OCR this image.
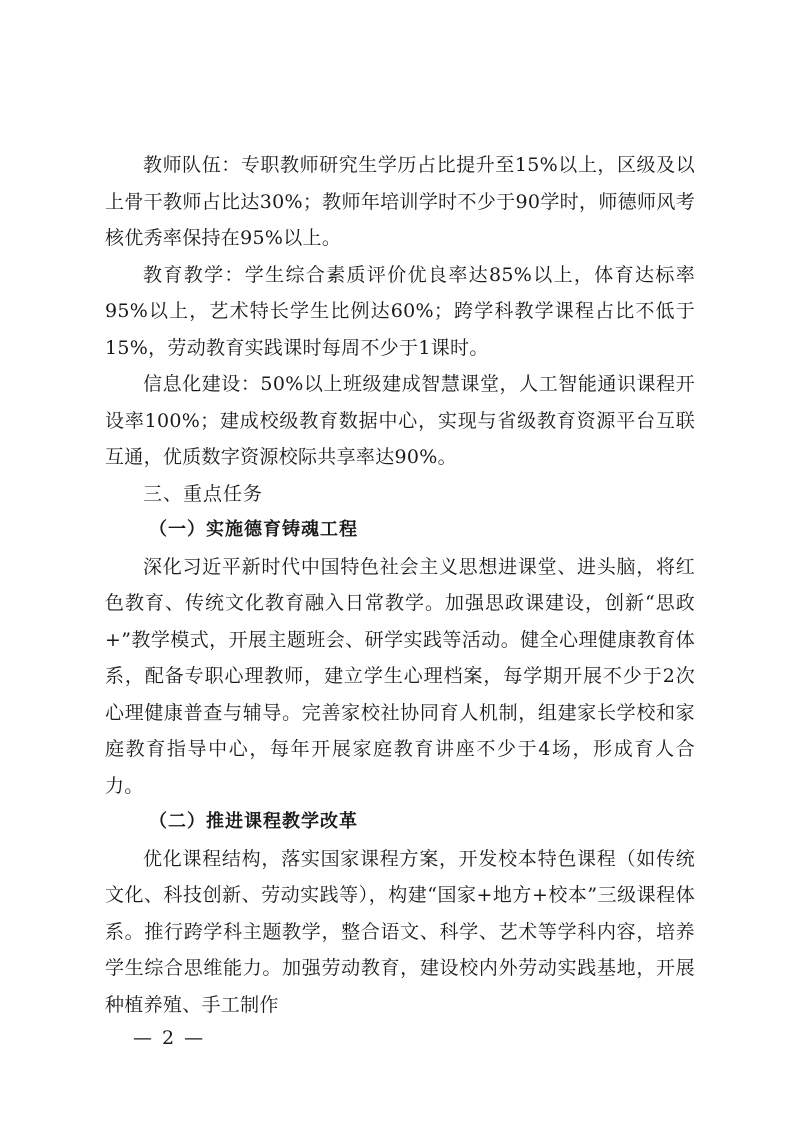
教师队伍：专职教师研究生学历占比提升至15%以上，区级及以上骨干教师占比达30%；教师年培训学时不少于90学时，师德师风考核优秀率保持在95%以上。

教育教学：学生综合素质评价优良率达85%以上，体育达标率95%以上，艺术特长学生比例达60%；跨学科教学课程占比不低于15%，劳动教育实践课时每周不少于1课时。

信息化建设：50%以上班级建成智慧课堂，人工智能通识课程开设率100%；建成校级教育数据中心，实现与省级教育资源平台互联互通，优质数字资源校际共享率达90%。

三、重点任务
（一）实施德育铸魂工程

深化习近平新时代中国特色社会主义思想进课堂、进头脑，将红色教育、传统文化教育融入日常教学。加强思政课建设，创新“思政+”教学模式，开展主题班会、研学实践等活动。健全心理健康教育体系，配备专职心理教师，建立学生心理档案，每学期开展不少于2次心理健康普查与辅导。完善家校社协同育人机制，组建家长学校和家庭教育指导中心，每年开展家庭教育讲座不少于4场，形成育人合力。

（二）推进课程教学改革

优化课程结构，落实国家课程方案，开发校本特色课程（如传统文化、科技创新、劳动实践等），构建“国家+地方+校本”三级课程体系。推行跨学科主题教学，整合语文、科学、艺术等学科内容，培养学生综合思维能力。加强劳动教育，建设校内外劳动实践基地，开展种植养殖、手工制作

— 2 —
